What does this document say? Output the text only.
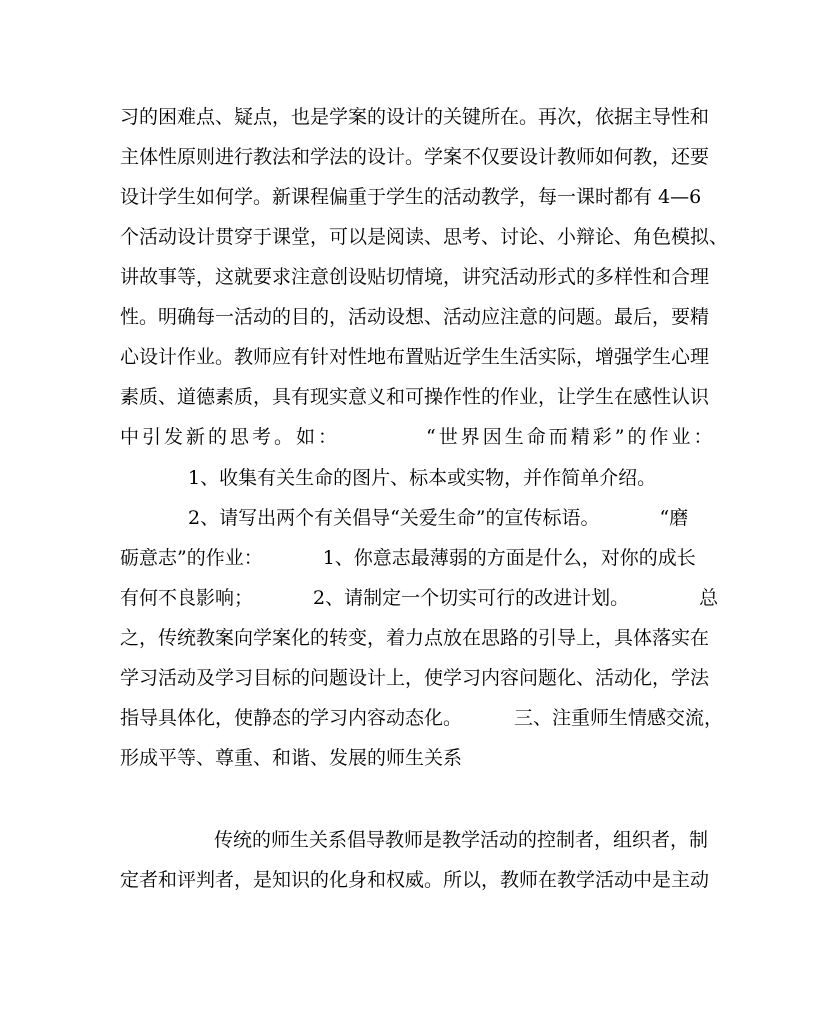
习的困难点、疑点，也是学案的设计的关键所在。再次，依据主导性和
主体性原则进行教法和学法的设计。学案不仅要设计教师如何教，还要
设计学生如何学。新课程偏重于学生的活动教学，每一课时都有 4—6
个活动设计贯穿于课堂，可以是阅读、思考、讨论、小辩论、角色模拟、
讲故事等，这就要求注意创设贴切情境，讲究活动形式的多样性和合理
性。明确每一活动的目的，活动设想、活动应注意的问题。最后，要精
心设计作业。教师应有针对性地布置贴近学生生活实际，增强学生心理
素质、道德素质，具有现实意义和可操作性的作业，让学生在感性认识
中引发新的思考。如：	“世界因生命而精彩”的作业：
1、收集有关生命的图片、标本或实物，并作简单介绍。
2、请写出两个有关倡导“关爱生命”的宣传标语。	“磨
砺意志”的作业：	1、你意志最薄弱的方面是什么，对你的成长
有何不良影响；	2、请制定一个切实可行的改进计划。	总
之，传统教案向学案化的转变，着力点放在思路的引导上，具体落实在
学习活动及学习目标的问题设计上，使学习内容问题化、活动化，学法
指导具体化，使静态的学习内容动态化。	三、注重师生情感交流，
形成平等、尊重、和谐、发展的师生关系
传统的师生关系倡导教师是教学活动的控制者，组织者，制
定者和评判者，是知识的化身和权威。所以，教师在教学活动中是主动
